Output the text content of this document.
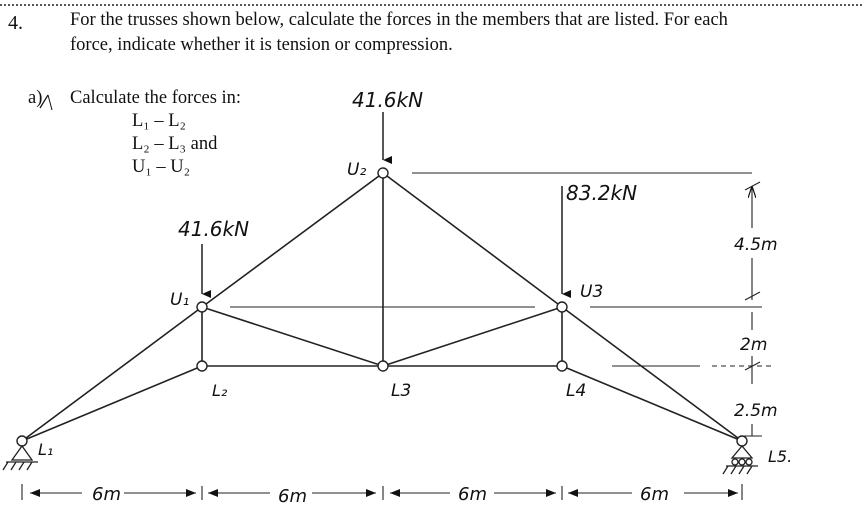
4.	For the trusses shown below, calculate the forces in the members that are listed. For each
force, indicate whether it is tension or compression.
a) Calculate the forces in:
L₁ – L₂
L₂ – L₃ and
U₁ – U₂
41.6kN
41.6kN
83.2kN
U₂
U₁	U3
L₁
L₂	L3	L4
L5.
6m	6m	6m	6m
4.5m
2m
2.5m
